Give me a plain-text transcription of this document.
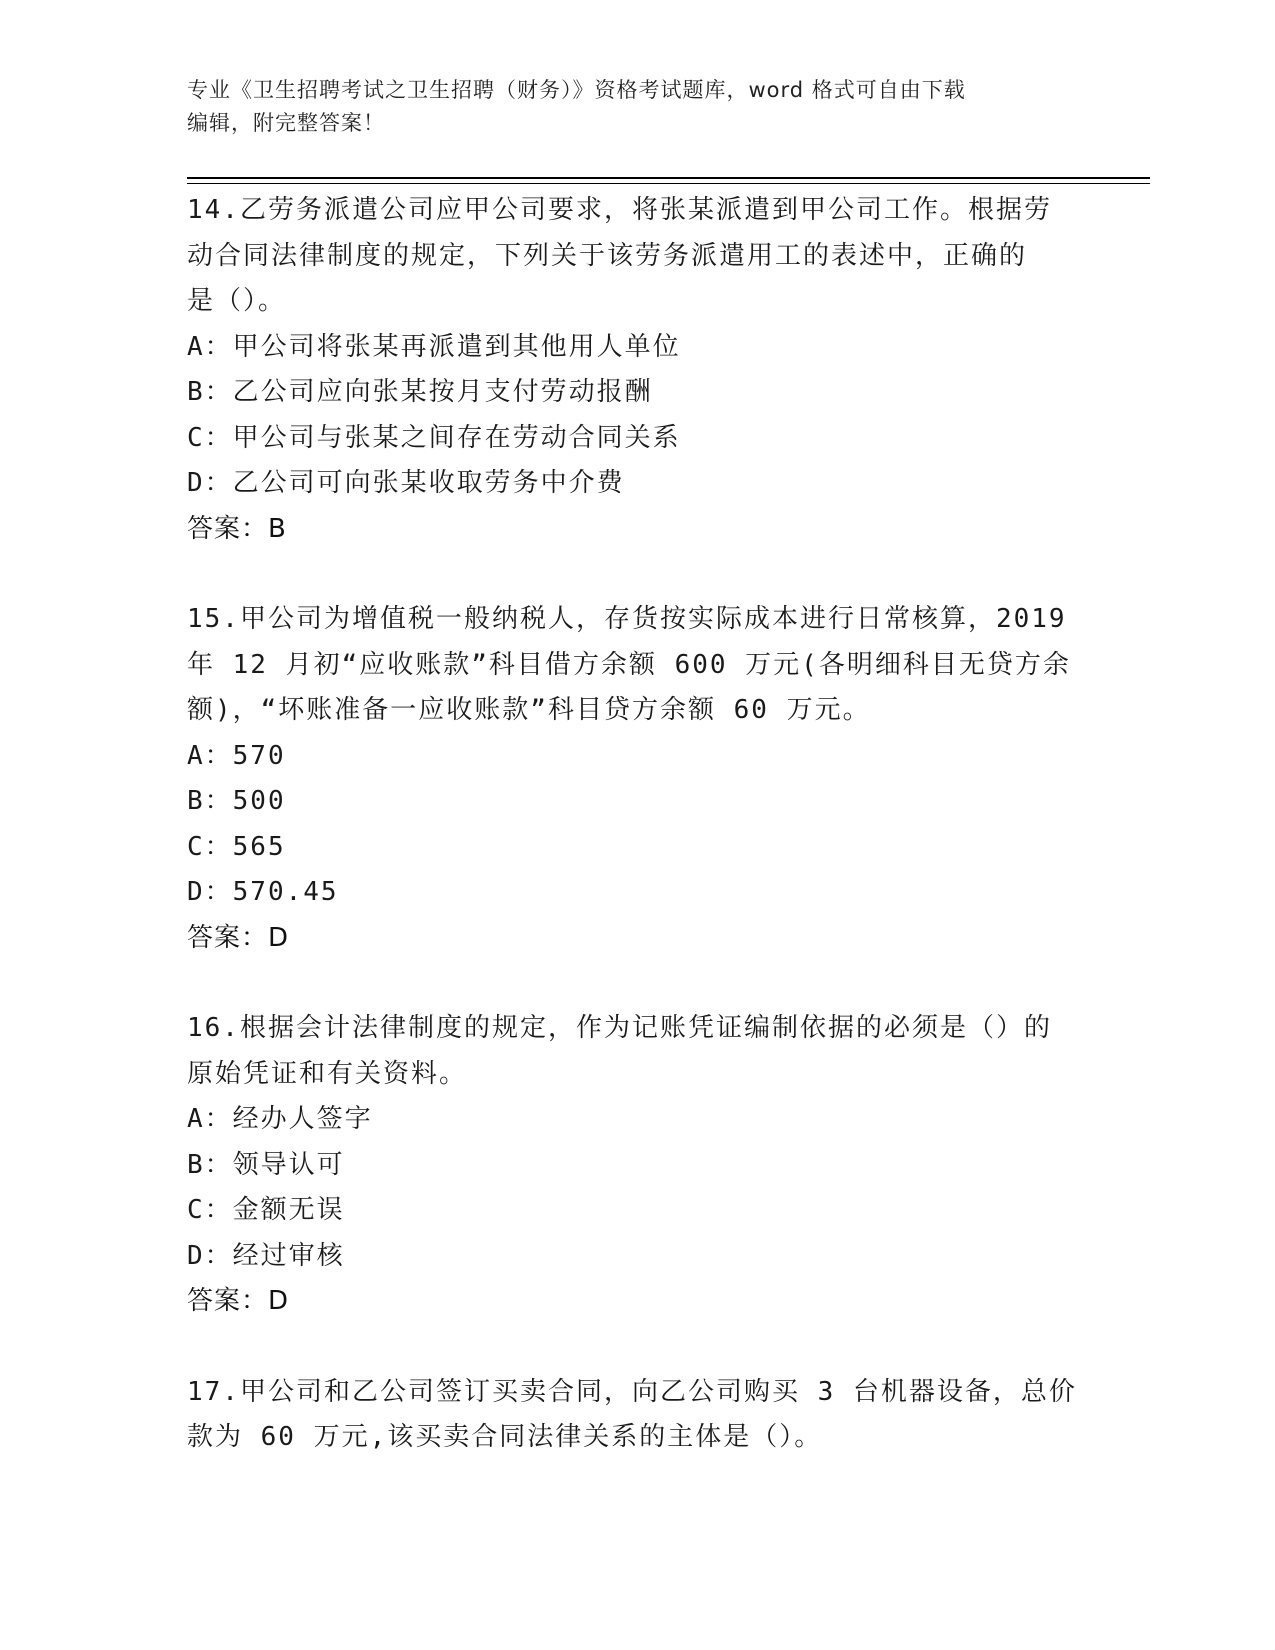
专业《卫生招聘考试之卫生招聘（财务）》资格考试题库，word 格式可自由下载
编辑，附完整答案！
14.乙劳务派遣公司应甲公司要求，将张某派遣到甲公司工作。根据劳
动合同法律制度的规定，下列关于该劳务派遣用工的表述中，正确的
是（）。
A：甲公司将张某再派遣到其他用人单位
B：乙公司应向张某按月支付劳动报酬
C：甲公司与张某之间存在劳动合同关系
D：乙公司可向张某收取劳务中介费
答案：B
15.甲公司为增值税一般纳税人，存货按实际成本进行日常核算，2019
年 12 月初“应收账款”科目借方余额 600 万元(各明细科目无贷方余
额)，“坏账准备一应收账款”科目贷方余额 60 万元。
A：570
B：500
C：565
D：570.45
答案：D
16.根据会计法律制度的规定，作为记账凭证编制依据的必须是（）的
原始凭证和有关资料。
A：经办人签字
B：领导认可
C：金额无误
D：经过审核
答案：D
17.甲公司和乙公司签订买卖合同，向乙公司购买 3 台机器设备，总价
款为 60 万元,该买卖合同法律关系的主体是（）。
